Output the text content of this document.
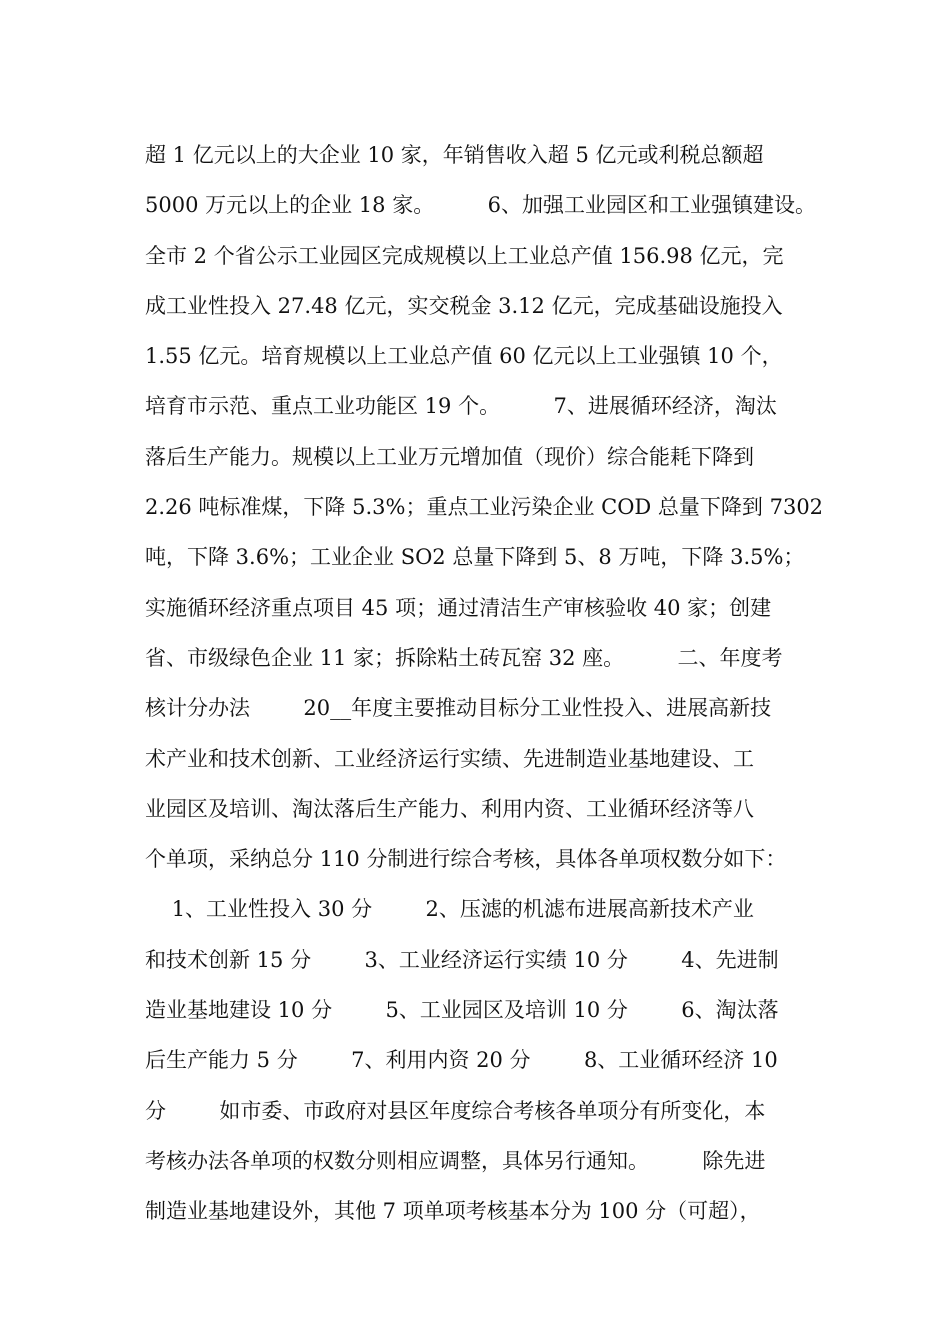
超 1 亿元以上的大企业 10 家，年销售收入超 5 亿元或利税总额超
5000 万元以上的企业 18 家。        6、加强工业园区和工业强镇建设。
全市 2 个省公示工业园区完成规模以上工业总产值 156.98 亿元，完
成工业性投入 27.48 亿元，实交税金 3.12 亿元，完成基础设施投入
1.55 亿元。培育规模以上工业总产值 60 亿元以上工业强镇 10 个，
培育市示范、重点工业功能区 19 个。        7、进展循环经济，淘汰
落后生产能力。规模以上工业万元增加值（现价）综合能耗下降到
2.26 吨标准煤，下降 5.3%；重点工业污染企业 COD 总量下降到 7302
吨，下降 3.6%；工业企业 SO2 总量下降到 5、8 万吨，下降 3.5%；
实施循环经济重点项目 45 项；通过清洁生产审核验收 40 家；创建
省、市级绿色企业 11 家；拆除粘土砖瓦窑 32 座。        二、年度考
核计分办法        20__年度主要推动目标分工业性投入、进展高新技
术产业和技术创新、工业经济运行实绩、先进制造业基地建设、工
业园区及培训、淘汰落后生产能力、利用内资、工业循环经济等八
个单项，采纳总分 110 分制进行综合考核，具体各单项权数分如下：
1、工业性投入 30 分        2、压滤的机滤布进展高新技术产业
和技术创新 15 分        3、工业经济运行实绩 10 分        4、先进制
造业基地建设 10 分        5、工业园区及培训 10 分        6、淘汰落
后生产能力 5 分        7、利用内资 20 分        8、工业循环经济 10
分        如市委、市政府对县区年度综合考核各单项分有所变化，本
考核办法各单项的权数分则相应调整，具体另行通知。        除先进
制造业基地建设外，其他 7 项单项考核基本分为 100 分（可超），
